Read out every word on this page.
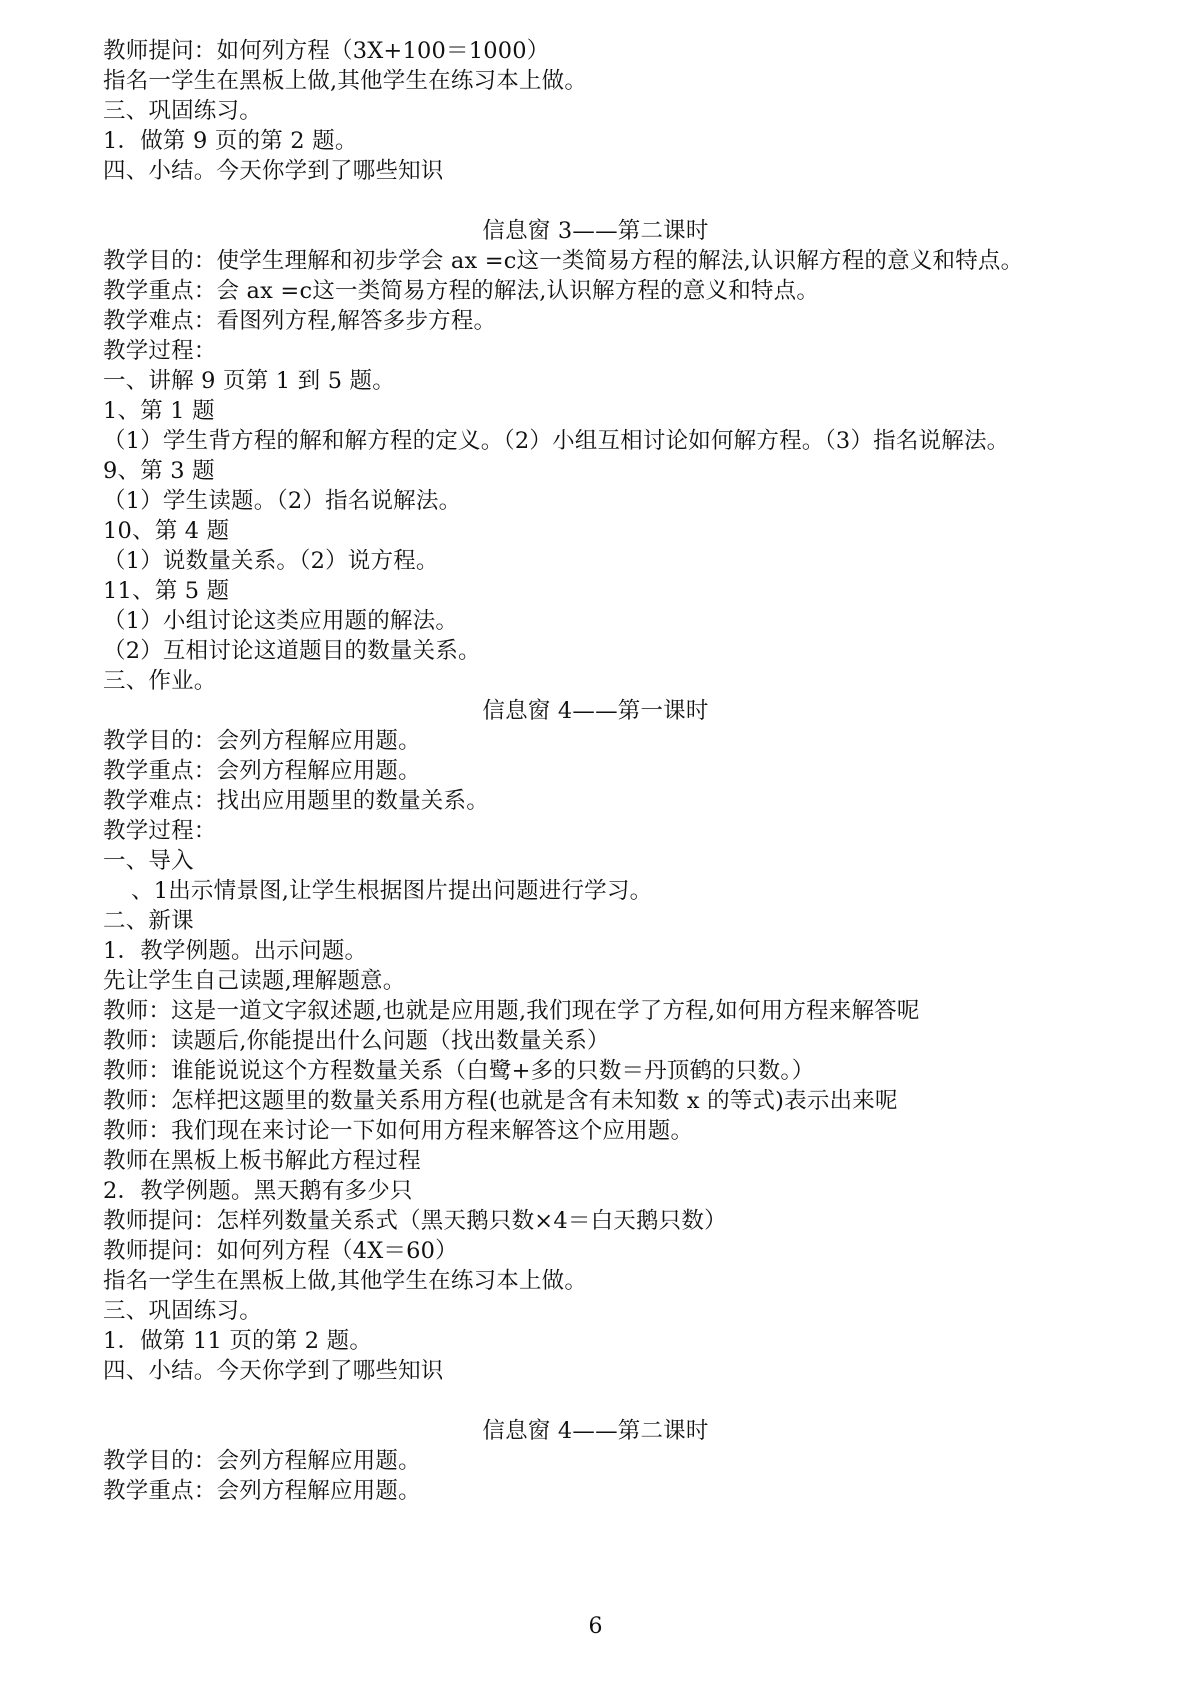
教师提问：如何列方程（3X+100＝1000）
指名一学生在黑板上做,其他学生在练习本上做。
三、巩固练习。
1．做第 9 页的第 2 题。
四、小结。今天你学到了哪些知识
信息窗 3——第二课时
教学目的：使学生理解和初步学会 ax =c这一类简易方程的解法,认识解方程的意义和特点。
教学重点：会 ax =c这一类简易方程的解法,认识解方程的意义和特点。
教学难点：看图列方程,解答多步方程。
教学过程：
一、讲解 9 页第 1 到 5 题。
1、第 1 题
（1）学生背方程的解和解方程的定义。（2）小组互相讨论如何解方程。（3）指名说解法。
9、第 3 题
（1）学生读题。（2）指名说解法。
10、第 4 题
（1）说数量关系。（2）说方程。
11、第 5 题
（1）小组讨论这类应用题的解法。
（2）互相讨论这道题目的数量关系。
三、作业。
信息窗 4——第一课时
教学目的：会列方程解应用题。
教学重点：会列方程解应用题。
教学难点：找出应用题里的数量关系。
教学过程：
一、导入
、1出示情景图,让学生根据图片提出问题进行学习。
二、新课
1．教学例题。出示问题。
先让学生自己读题,理解题意。
教师：这是一道文字叙述题,也就是应用题,我们现在学了方程,如何用方程来解答呢
教师：读题后,你能提出什么问题（找出数量关系）
教师：谁能说说这个方程数量关系（白鹭+多的只数＝丹顶鹤的只数。）
教师：怎样把这题里的数量关系用方程(也就是含有未知数 x 的等式)表示出来呢
教师：我们现在来讨论一下如何用方程来解答这个应用题。
教师在黑板上板书解此方程过程
2．教学例题。黑天鹅有多少只
教师提问：怎样列数量关系式（黑天鹅只数×4＝白天鹅只数）
教师提问：如何列方程（4X＝60）
指名一学生在黑板上做,其他学生在练习本上做。
三、巩固练习。
1．做第 11 页的第 2 题。
四、小结。今天你学到了哪些知识
信息窗 4——第二课时
教学目的：会列方程解应用题。
教学重点：会列方程解应用题。
6
